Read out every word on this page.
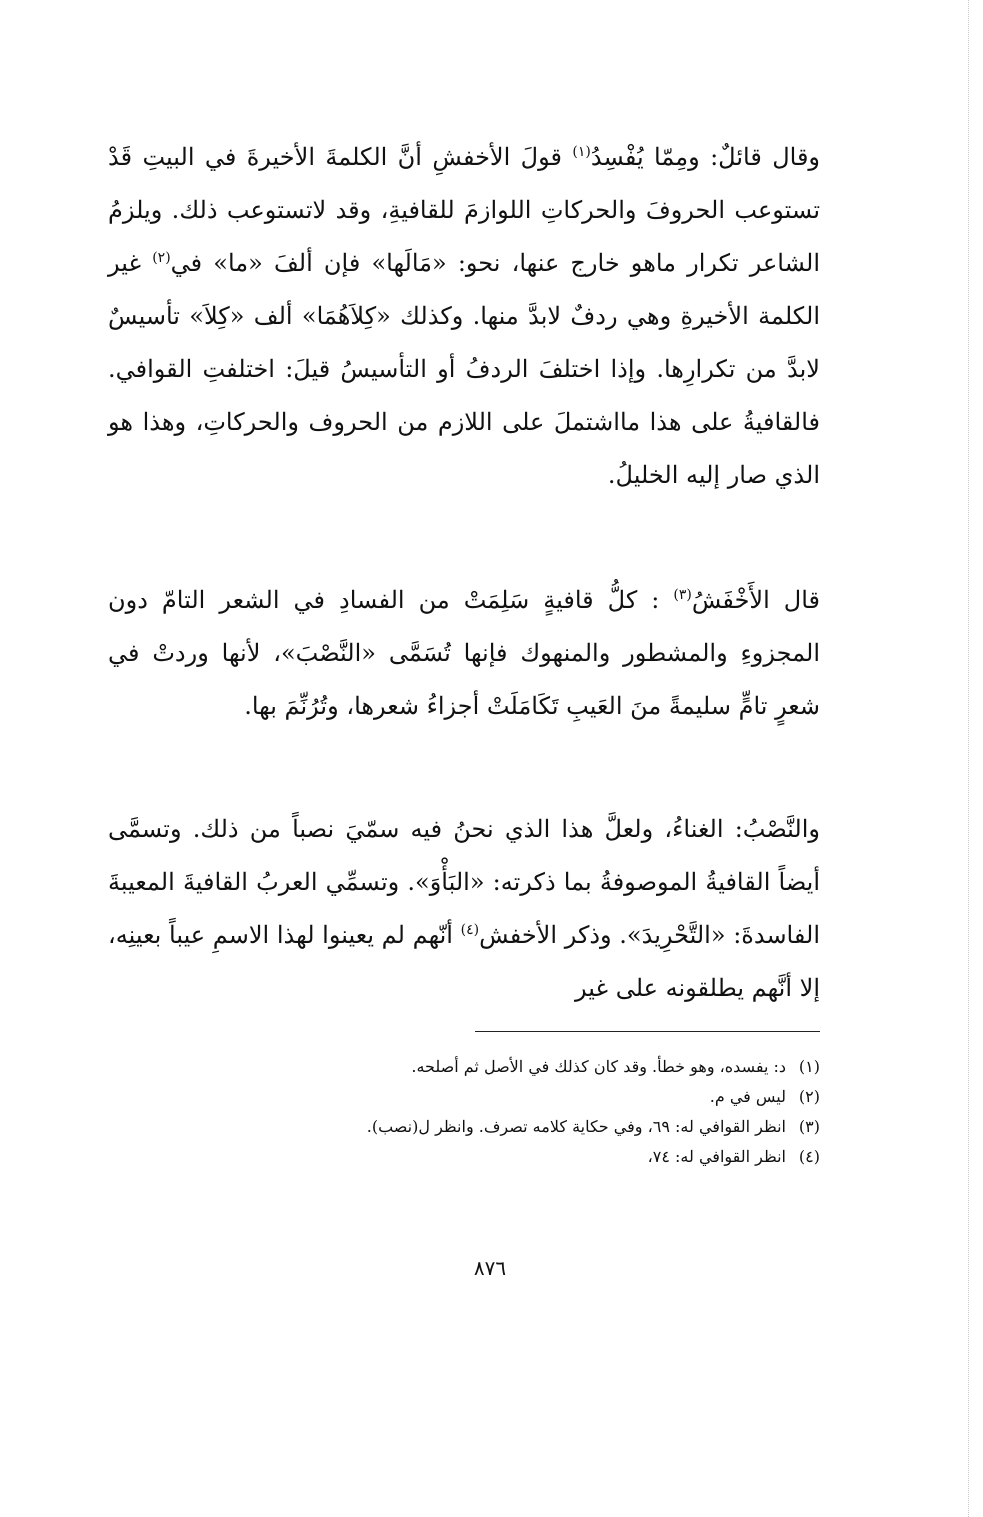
وقال قائلٌ: ومِمّا يُفْسِدُ$^{(١)}$ قولَ الأخفشِ أنَّ الكلمةَ الأخيرةَ في البيتِ قَدْ تستوعب الحروفَ والحركاتِ اللوازمَ للقافيةِ، وقد لاتستوعب ذلك. ويلزمُ الشاعر تكرار ماهو خارج عنها، نحو: «مَالَها» فإن ألفَ «ما» في$^{(٢)}$ غير الكلمة الأخيرةِ وهي ردفٌ لابدَّ منها. وكذلك «كِلاَهُمَا» ألف «كِلاَ» تأسيسٌ لابدَّ من تكرارِها. وإذا اختلفَ الردفُ أو التأسيسُ قيلَ: اختلفتِ القوافي. فالقافيةُ على هذا مااشتملَ على اللازم من الحروف والحركاتِ، وهذا هو الذي صار إليه الخليلُ.
قال الأَخْفَشُ$^{(٣)}$ : كلُّ قافيةٍ سَلِمَتْ من الفسادِ في الشعر التامّ دون المجزوءِ والمشطور والمنهوك فإنها تُسَمَّى «النَّصْبَ»، لأنها وردتْ في شعرٍ تامٍّ سليمةً منَ العَيبِ تَكَامَلَتْ أجزاءُ شعرها، وتُرُنِّمَ بها.
والنَّصْبُ: الغناءُ، ولعلَّ هذا الذي نحنُ فيه سمّيَ نصباً من ذلك. وتسمَّى أيضاً القافيةُ الموصوفةُ بما ذكرته: «البَأْوَ». وتسمِّي العربُ القافيةَ المعيبةَ الفاسدةَ: «التَّحْرِيدَ». وذكر الأخفش$^{(٤)}$ أنّهم لم يعينوا لهذا الاسمِ عيباً بعينِه، إلا أنَّهم يطلقونه على غير
(١)د: يفسده، وهو خطأ. وقد كان كذلك في الأصل ثم أصلحه.
(٢)ليس في م.
(٣)انظر القوافي له: ٦٩، وفي حكاية كلامه تصرف. وانظر ل(نصب).
(٤)انظر القوافي له: ٧٤،
٨٧٦
